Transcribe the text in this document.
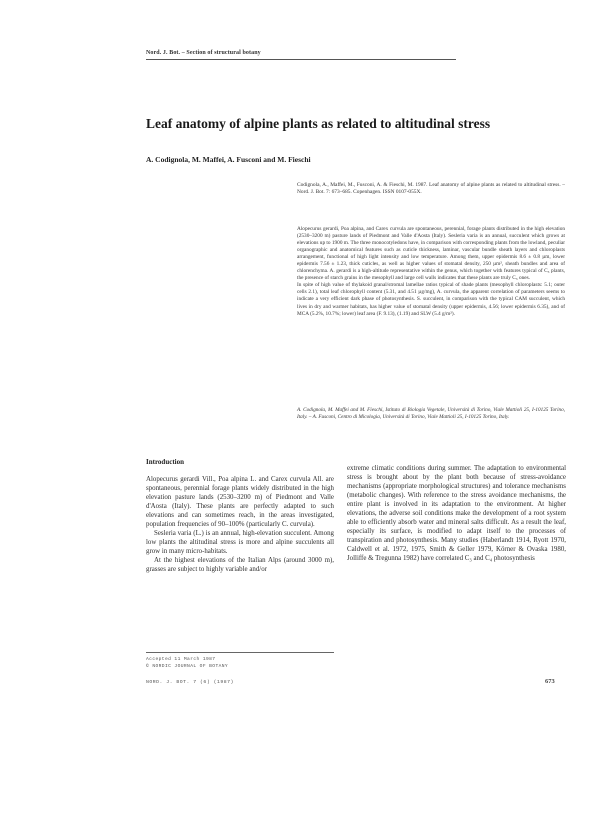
Nord. J. Bot. – Section of structural botany
Leaf anatomy of alpine plants as related to altitudinal stress
A. Codignola, M. Maffei, A. Fusconi and M. Fieschi
Codignola, A., Maffei, M., Fusconi, A. & Fieschi, M. 1987. Leaf anatomy of alpine plants as related to altitudinal stress. – Nord. J. Bot. 7: 673–685. Copenhagen. ISSN 0107-055X.

Alopecurus gerardi, Poa alpina, and Carex curvula are spontaneous, perennial, forage plants distributed in the high elevation (2530–3200 m) pasture lands of Piedmont and Valle d'Aosta (Italy). Sesleria varia is an annual, succulent which grows at elevations up to 1900 m. The three monocotyledons have, in comparison with corresponding plants from the lowland, peculiar organographic and anatomical features such as cuticle thickness, laminar, vascular bundle sheath layers and chloroplasts arrangement, functional of high light intensity and low temperature. Among them, upper epidermis 8.6 ± 0.8 µm, lower epidermis 7.56 ± 1.23, thick cuticles, as well as higher values of stomatal density, 250 µm², sheath bundles and area of chlorenchyma. A. gerardi is a high-altitude representative within the genus, which together with features typical of C₃ plants, the presence of starch grains in the mesophyll and large cell walls indicates that these plants are truly C₃ ones.

In spite of high value of thylakoid granal/stromal lamellae ratios typical of shade plants (mesophyll chloroplasts: 5.1; outer cells 2.1), total leaf chlorophyll content (5.31, and 4.51 µg/mg), A. curvula, the apparent correlation of parameters seems to indicate a very efficient dark phase of photosynthesis. S. succulent, in comparison with the typical CAM succulent, which lives in dry and warmer habitats, has higher value of stomatal density (upper epidermis, 4.56; lower epidermis 6.35), and of MCA (5.2%, 10.7%; lower) leaf area (F. 9.13), (1.19) and SLW (5.4 g/m²).

A. Codignola, M. Maffei and M. Fieschi, Istituto di Biologia Vegetale, Università di Torino, Viale Mattioli 25, I-10125 Torino, Italy. – A. Fusconi, Centro di Micologia, Università di Torino, Viale Mattioli 25, I-10125 Torino, Italy.
Introduction

Alopecurus gerardi Vill., Poa alpina L. and Carex curvula All. are spontaneous, perennial forage plants widely distributed in the high elevation pasture lands (2530–3200 m) of Piedmont and Valle d'Aosta (Italy). These plants are perfectly adapted to such elevations and can sometimes reach, in the areas investigated, population frequencies of 90–100% (particularly C. curvula).

Sesleria varia (L.) is an annual, high-elevation succulent. Among low plants the altitudinal stress is more and alpine succulents all grow in many micro-habitats.

At the highest elevations of the Italian Alps (around 3000 m), grasses are subject to highly variable and/or

extreme climatic conditions during summer. The adaptation to environmental stress is brought about by the plant both because of stress-avoidance mechanisms (appropriate morphological structures) and tolerance mechanisms (metabolic changes). With reference to the stress avoidance mechanisms, the entire plant is involved in its adaptation to the environment. At higher elevations, the adverse soil conditions make the development of a root system able to efficiently absorb water and mineral salts difficult. As a result the leaf, especially its surface, is modified to adapt itself to the processes of transpiration and photosynthesis. Many studies (Haberlandt 1914, Ryott 1970, Caldwell et al. 1972, 1975, Smith & Geller 1979, Körner & Ovaska 1980, Jolliffe & Tregunna 1982) have correlated C₃ and C₄ photosynthesis

Accepted 11 March 1987
© NORDIC JOURNAL OF BOTANY
NORD. J. BOT. 7 (6) (1987)	673
